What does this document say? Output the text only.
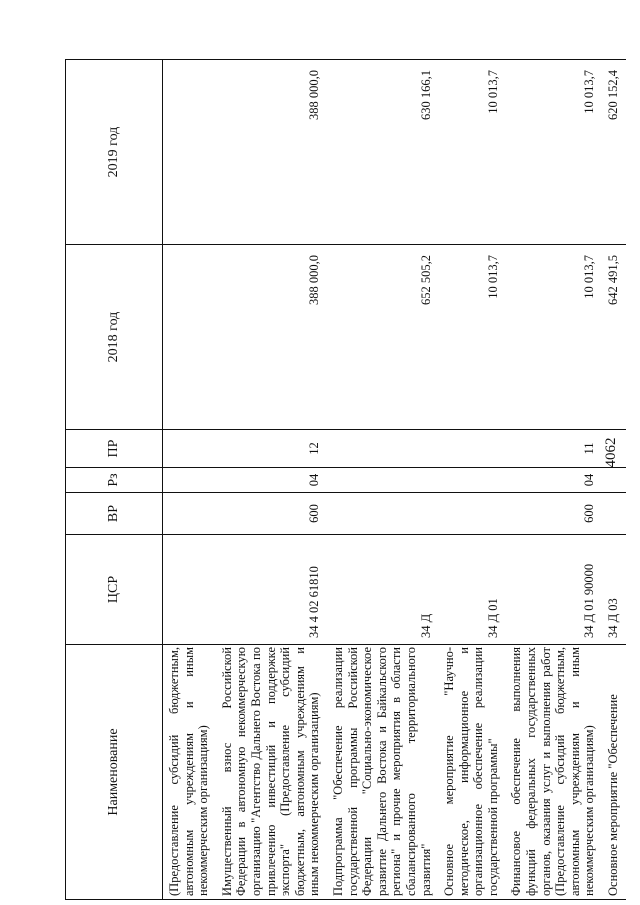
4062
Наименование	ЦСР	ВР	Рз	ПР	2018 год	2019 год
(Предоставление субсидий бюджетным, автономным учреждениям и иным некоммерческим организациям)						
Имущественный взнос Российской Федерации в автономную некоммерческую организацию "Агентство Дальнего Востока по привлечению инвестиций и поддержке экспорта" (Предоставление субсидий бюджетным, автономным учреждениям и иным некоммерческим организациям)	34 4 02 61810	600	04	12	388 000,0	388 000,0
Подпрограмма "Обеспечение реализации государственной программы Российской Федерации "Социально-экономическое развитие Дальнего Востока и Байкальского региона" и прочие мероприятия в области сбалансированного территориального развития"	34 Д				652 505,2	630 166,1
Основное мероприятие "Научно-методическое, информационное и организационное обеспечение реализации государственной программы"	34 Д 01				10 013,7	10 013,7
Финансовое обеспечение выполнения функций федеральных государственных органов, оказания услуг и выполнения работ (Предоставление субсидий бюджетным, автономным учреждениям и иным некоммерческим организациям)	34 Д 01 90000	600	04	11	10 013,7	10 013,7
Основное мероприятие "Обеспечение	34 Д 03				642 491,5	620 152,4
